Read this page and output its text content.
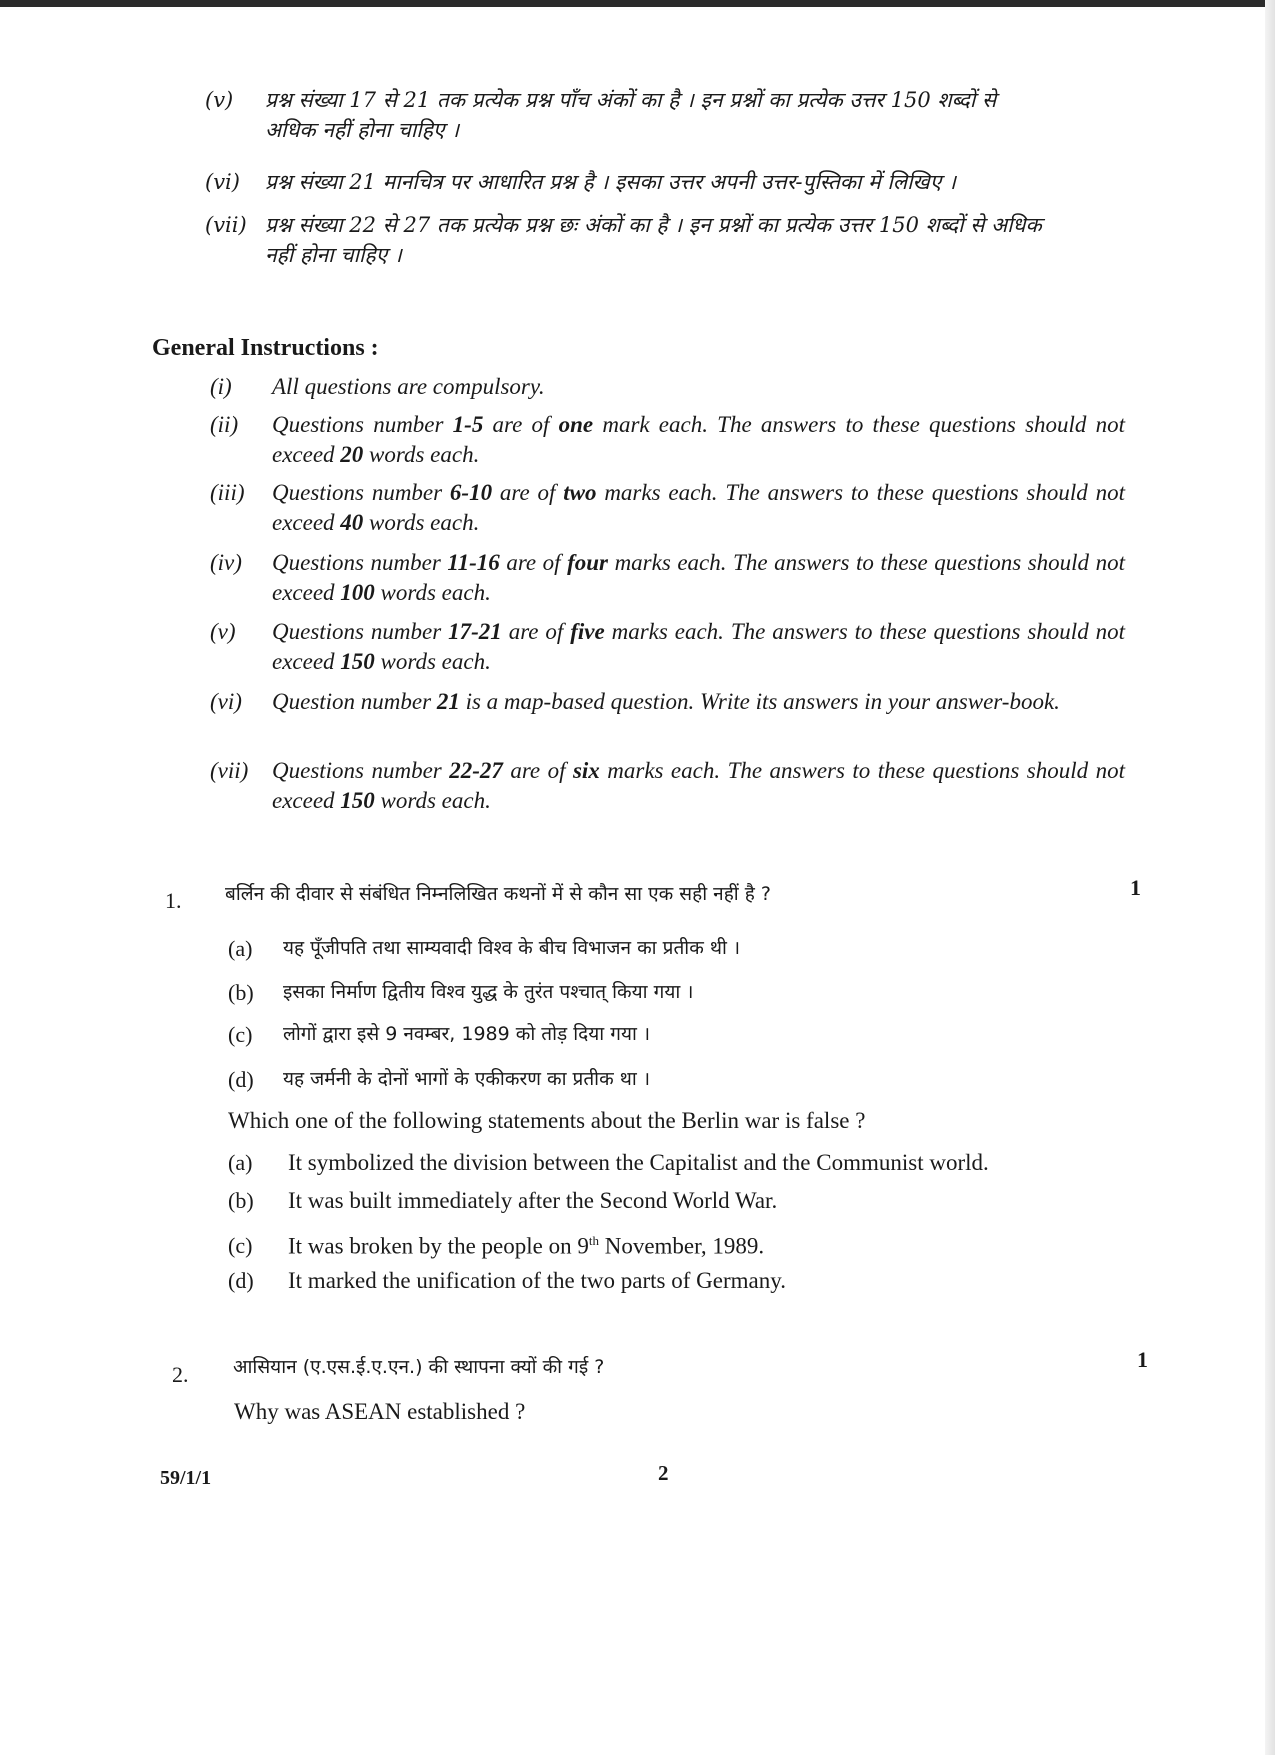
(v) प्रश्न संख्या 17 से 21 तक प्रत्येक प्रश्न पाँच अंकों का है । इन प्रश्नों का प्रत्येक उत्तर 150 शब्दों से
अधिक नहीं होना चाहिए ।
(vi) प्रश्न संख्या 21 मानचित्र पर आधारित प्रश्न है । इसका उत्तर अपनी उत्तर-पुस्तिका में लिखिए ।
(vii) प्रश्न संख्या 22 से 27 तक प्रत्येक प्रश्न छः अंकों का है । इन प्रश्नों का प्रत्येक उत्तर 150 शब्दों से अधिक
नहीं होना चाहिए ।
General Instructions :
(i)	All questions are compulsory.
(ii)	Questions number 1-5 are of one mark each. The answers to these questions should not exceed 20 words each.
(iii)	Questions number 6-10 are of two marks each. The answers to these questions should not exceed 40 words each.
(iv)	Questions number 11-16 are of four marks each. The answers to these questions should not exceed 100 words each.
(v)	Questions number 17-21 are of five marks each. The answers to these questions should not exceed 150 words each.
(vi)	Question number 21 is a map-based question. Write its answers in your answer-book.
(vii)	Questions number 22-27 are of six marks each. The answers to these questions should not exceed 150 words each.
1. बर्लिन की दीवार से संबंधित निम्नलिखित कथनों में से कौन सा एक सही नहीं है ?	1
(a) यह पूँजीपति तथा साम्यवादी विश्व के बीच विभाजन का प्रतीक थी ।
(b) इसका निर्माण द्वितीय विश्व युद्ध के तुरंत पश्चात् किया गया ।
(c) लोगों द्वारा इसे 9 नवम्बर, 1989 को तोड़ दिया गया ।
(d) यह जर्मनी के दोनों भागों के एकीकरण का प्रतीक था ।
Which one of the following statements about the Berlin war is false ?
(a) It symbolized the division between the Capitalist and the Communist world.
(b) It was built immediately after the Second World War.
(c) It was broken by the people on 9th November, 1989.
(d) It marked the unification of the two parts of Germany.
2. आसियान (ए.एस.ई.ए.एन.) की स्थापना क्यों की गई ?	1
Why was ASEAN established ?
59/1/1	2
